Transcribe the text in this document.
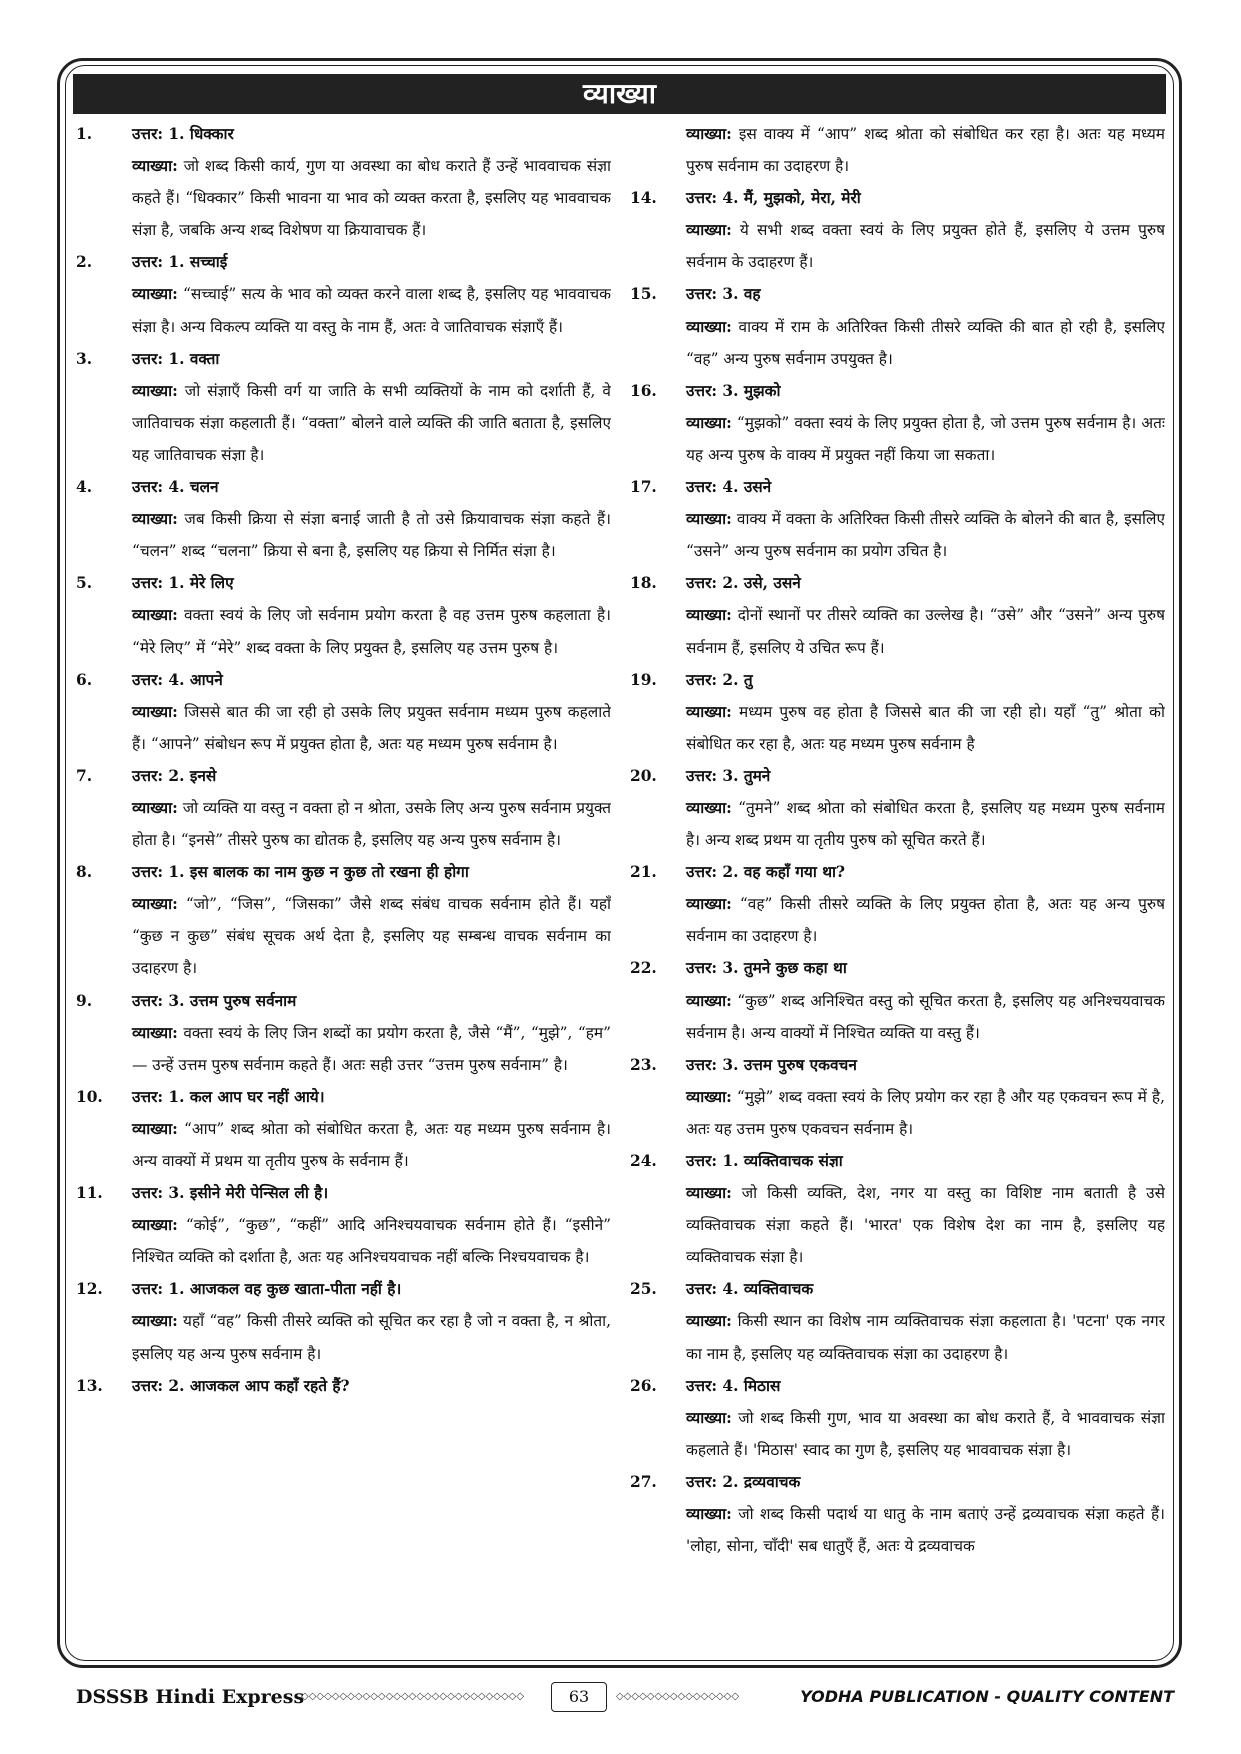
व्याख्या
1.	उत्तर: 1. धिक्कार
व्याख्या: जो शब्द किसी कार्य, गुण या अवस्था का बोध कराते हैं उन्हें भाववाचक संज्ञा कहते हैं। “धिक्कार” किसी भावना या भाव को व्यक्त करता है, इसलिए यह भाववाचक संज्ञा है, जबकि अन्य शब्द विशेषण या क्रियावाचक हैं।
2.	उत्तर: 1. सच्चाई
व्याख्या: “सच्चाई” सत्य के भाव को व्यक्त करने वाला शब्द है, इसलिए यह भाववाचक संज्ञा है। अन्य विकल्प व्यक्ति या वस्तु के नाम हैं, अतः वे जातिवाचक संज्ञाएँ हैं।
3.	उत्तर: 1. वक्ता
व्याख्या: जो संज्ञाएँ किसी वर्ग या जाति के सभी व्यक्तियों के नाम को दर्शाती हैं, वे जातिवाचक संज्ञा कहलाती हैं। “वक्ता” बोलने वाले व्यक्ति की जाति बताता है, इसलिए यह जातिवाचक संज्ञा है।
4.	उत्तर: 4. चलन
व्याख्या: जब किसी क्रिया से संज्ञा बनाई जाती है तो उसे क्रियावाचक संज्ञा कहते हैं। “चलन” शब्द “चलना” क्रिया से बना है, इसलिए यह क्रिया से निर्मित संज्ञा है।
5.	उत्तर: 1. मेरे लिए
व्याख्या: वक्ता स्वयं के लिए जो सर्वनाम प्रयोग करता है वह उत्तम पुरुष कहलाता है। “मेरे लिए” में “मेरे” शब्द वक्ता के लिए प्रयुक्त है, इसलिए यह उत्तम पुरुष है।
6.	उत्तर: 4. आपने
व्याख्या: जिससे बात की जा रही हो उसके लिए प्रयुक्त सर्वनाम मध्यम पुरुष कहलाते हैं। “आपने” संबोधन रूप में प्रयुक्त होता है, अतः यह मध्यम पुरुष सर्वनाम है।
7.	उत्तर: 2. इनसे
व्याख्या: जो व्यक्ति या वस्तु न वक्ता हो न श्रोता, उसके लिए अन्य पुरुष सर्वनाम प्रयुक्त होता है। “इनसे” तीसरे पुरुष का द्योतक है, इसलिए यह अन्य पुरुष सर्वनाम है।
8.	उत्तर: 1. इस बालक का नाम कुछ न कुछ तो रखना ही होगा
व्याख्या: “जो”, “जिस”, “जिसका” जैसे शब्द संबंध वाचक सर्वनाम होते हैं। यहाँ “कुछ न कुछ” संबंध सूचक अर्थ देता है, इसलिए यह सम्बन्ध वाचक सर्वनाम का उदाहरण है।
9.	उत्तर: 3. उत्तम पुरुष सर्वनाम
व्याख्या: वक्ता स्वयं के लिए जिन शब्दों का प्रयोग करता है, जैसे “मैं”, “मुझे”, “हम” — उन्हें उत्तम पुरुष सर्वनाम कहते हैं। अतः सही उत्तर “उत्तम पुरुष सर्वनाम” है।
10.	उत्तर: 1. कल आप घर नहीं आये।
व्याख्या: “आप” शब्द श्रोता को संबोधित करता है, अतः यह मध्यम पुरुष सर्वनाम है। अन्य वाक्यों में प्रथम या तृतीय पुरुष के सर्वनाम हैं।
11.	उत्तर: 3. इसीने मेरी पेन्सिल ली है।
व्याख्या: “कोई”, “कुछ”, “कहीं” आदि अनिश्चयवाचक सर्वनाम होते हैं। “इसीने” निश्चित व्यक्ति को दर्शाता है, अतः यह अनिश्चयवाचक नहीं बल्कि निश्चयवाचक है।
12.	उत्तर: 1. आजकल वह कुछ खाता-पीता नहीं है।
व्याख्या: यहाँ “वह” किसी तीसरे व्यक्ति को सूचित कर रहा है जो न वक्ता है, न श्रोता, इसलिए यह अन्य पुरुष सर्वनाम है।
13.	उत्तर: 2. आजकल आप कहाँ रहते हैं?
व्याख्या: इस वाक्य में “आप” शब्द श्रोता को संबोधित कर रहा है। अतः यह मध्यम पुरुष सर्वनाम का उदाहरण है।
14.	उत्तर: 4. मैं, मुझको, मेरा, मेरी
व्याख्या: ये सभी शब्द वक्ता स्वयं के लिए प्रयुक्त होते हैं, इसलिए ये उत्तम पुरुष सर्वनाम के उदाहरण हैं।
15.	उत्तर: 3. वह
व्याख्या: वाक्य में राम के अतिरिक्त किसी तीसरे व्यक्ति की बात हो रही है, इसलिए “वह” अन्य पुरुष सर्वनाम उपयुक्त है।
16.	उत्तर: 3. मुझको
व्याख्या: “मुझको” वक्ता स्वयं के लिए प्रयुक्त होता है, जो उत्तम पुरुष सर्वनाम है। अतः यह अन्य पुरुष के वाक्य में प्रयुक्त नहीं किया जा सकता।
17.	उत्तर: 4. उसने
व्याख्या: वाक्य में वक्ता के अतिरिक्त किसी तीसरे व्यक्ति के बोलने की बात है, इसलिए “उसने” अन्य पुरुष सर्वनाम का प्रयोग उचित है।
18.	उत्तर: 2. उसे, उसने
व्याख्या: दोनों स्थानों पर तीसरे व्यक्ति का उल्लेख है। “उसे” और “उसने” अन्य पुरुष सर्वनाम हैं, इसलिए ये उचित रूप हैं।
19.	उत्तर: 2. तु
व्याख्या: मध्यम पुरुष वह होता है जिससे बात की जा रही हो। यहाँ “तु” श्रोता को संबोधित कर रहा है, अतः यह मध्यम पुरुष सर्वनाम है
20.	उत्तर: 3. तुमने
व्याख्या: “तुमने” शब्द श्रोता को संबोधित करता है, इसलिए यह मध्यम पुरुष सर्वनाम है। अन्य शब्द प्रथम या तृतीय पुरुष को सूचित करते हैं।
21.	उत्तर: 2. वह कहाँ गया था?
व्याख्या: “वह” किसी तीसरे व्यक्ति के लिए प्रयुक्त होता है, अतः यह अन्य पुरुष सर्वनाम का उदाहरण है।
22.	उत्तर: 3. तुमने कुछ कहा था
व्याख्या: “कुछ” शब्द अनिश्चित वस्तु को सूचित करता है, इसलिए यह अनिश्चयवाचक सर्वनाम है। अन्य वाक्यों में निश्चित व्यक्ति या वस्तु हैं।
23.	उत्तर: 3. उत्तम पुरुष एकवचन
व्याख्या: “मुझे” शब्द वक्ता स्वयं के लिए प्रयोग कर रहा है और यह एकवचन रूप में है, अतः यह उत्तम पुरुष एकवचन सर्वनाम है।
24.	उत्तर: 1. व्यक्तिवाचक संज्ञा
व्याख्या: जो किसी व्यक्ति, देश, नगर या वस्तु का विशिष्ट नाम बताती है उसे व्यक्तिवाचक संज्ञा कहते हैं। 'भारत' एक विशेष देश का नाम है, इसलिए यह व्यक्तिवाचक संज्ञा है।
25.	उत्तर: 4. व्यक्तिवाचक
व्याख्या: किसी स्थान का विशेष नाम व्यक्तिवाचक संज्ञा कहलाता है। 'पटना' एक नगर का नाम है, इसलिए यह व्यक्तिवाचक संज्ञा का उदाहरण है।
26.	उत्तर: 4. मिठास
व्याख्या: जो शब्द किसी गुण, भाव या अवस्था का बोध कराते हैं, वे भाववाचक संज्ञा कहलाते हैं। 'मिठास' स्वाद का गुण है, इसलिए यह भाववाचक संज्ञा है।
27.	उत्तर: 2. द्रव्यवाचक
व्याख्या: जो शब्द किसी पदार्थ या धातु के नाम बताएं उन्हें द्रव्यवाचक संज्ञा कहते हैं। 'लोहा, सोना, चाँदी' सब धातुएँ हैं, अतः ये द्रव्यवाचक
DSSSB Hindi Express
◇◇◇◇◇◇◇◇◇◇◇◇◇◇◇◇◇◇◇◇◇◇◇◇◇◇◇◇◇	63	◇◇◇◇◇◇◇◇◇◇◇◇◇◇◇◇	YODHA PUBLICATION - QUALITY CONTENT
